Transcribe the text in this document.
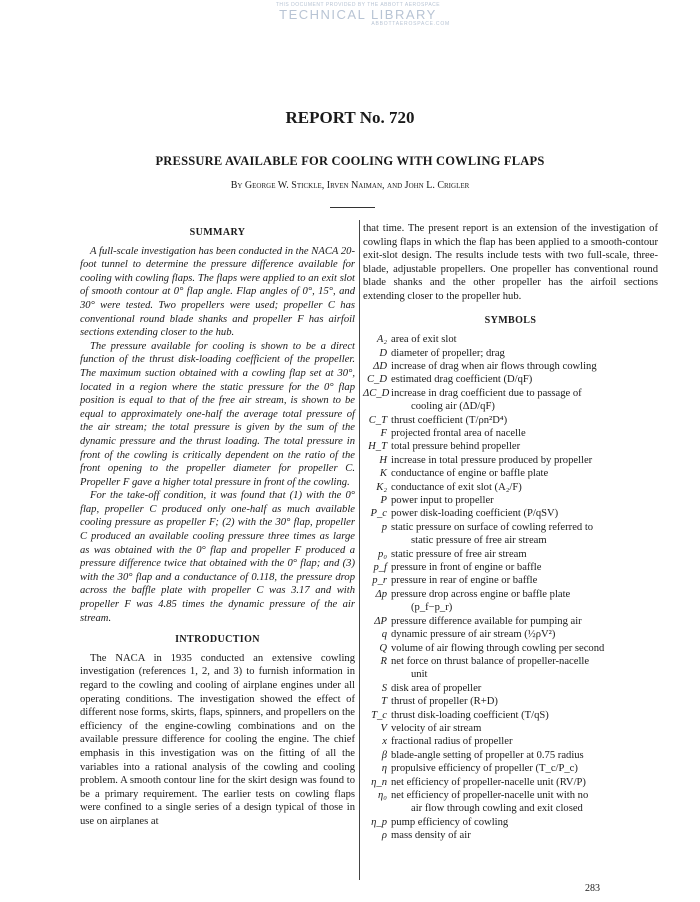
THIS DOCUMENT PROVIDED BY THE ABBOTT AEROSPACE
TECHNICAL LIBRARY
ABBOTTAEROSPACE.COM
REPORT No. 720
PRESSURE AVAILABLE FOR COOLING WITH COWLING FLAPS
By George W. Stickle, Irven Naiman, and John L. Crigler
SUMMARY

A full-scale investigation has been conducted in the NACA 20-foot tunnel to determine the pressure difference available for cooling with cowling flaps. The flaps were applied to an exit slot of smooth contour at 0° flap angle. Flap angles of 0°, 15°, and 30° were tested. Two propellers were used; propeller C has conventional round blade shanks and propeller F has airfoil sections extending closer to the hub.

The pressure available for cooling is shown to be a direct function of the thrust disk-loading coefficient of the propeller. The maximum suction obtained with a cowling flap set at 30°, located in a region where the static pressure for the 0° flap position is equal to that of the free air stream, is shown to be equal to approximately one-half the average total pressure of the air stream; the total pressure is given by the sum of the dynamic pressure and the thrust loading. The total pressure in front of the cowling is critically dependent on the ratio of the front opening to the propeller diameter for propeller C. Propeller F gave a higher total pressure in front of the cowling.

For the take-off condition, it was found that (1) with the 0° flap, propeller C produced only one-half as much available cooling pressure as propeller F; (2) with the 30° flap, propeller C produced an available cooling pressure three times as large as was obtained with the 0° flap and propeller F produced a pressure difference twice that obtained with the 0° flap; and (3) with the 30° flap and a conductance of 0.118, the pressure drop across the baffle plate with propeller C was 3.17 and with propeller F was 4.85 times the dynamic pressure of the air stream.

INTRODUCTION

The NACA in 1935 conducted an extensive cowling investigation (references 1, 2, and 3) to furnish information in regard to the cowling and cooling of airplane engines under all operating conditions. The investigation showed the effect of different nose forms, skirts, flaps, spinners, and propellers on the efficiency of the engine-cowling combinations and on the available pressure difference for cooling the engine. The chief emphasis in this investigation was on the fitting of all the variables into a rational analysis of the cowling and cooling problem. A smooth contour line for the skirt design was found to be a primary requirement. The earlier tests on cowling flaps were confined to a single series of a design typical of those in use on airplanes at

that time. The present report is an extension of the investigation of cowling flaps in which the flap has been applied to a smooth-contour exit-slot design. The results include tests with two full-scale, three-blade, adjustable propellers. One propeller has conventional round blade shanks and the other propeller has the airfoil sections extending closer to the propeller hub.

SYMBOLS
A₂ area of exit slot
D diameter of propeller; drag
ΔD increase of drag when air flows through cowling
C_D estimated drag coefficient (D/qF)
ΔC_D increase in drag coefficient due to passage of
cooling air (ΔD/qF)
C_T thrust coefficient (T/ρn²D⁴)
F projected frontal area of nacelle
H_T total pressure behind propeller
H increase in total pressure produced by propeller
K conductance of engine or baffle plate
K₂ conductance of exit slot (A₂/F)
P power input to propeller
P_c power disk-loading coefficient (P/qSV)
p static pressure on surface of cowling referred to
static pressure of free air stream
p₀ static pressure of free air stream
p_f pressure in front of engine or baffle
p_r pressure in rear of engine or baffle
Δp pressure drop across engine or baffle plate
(p_f−p_r)
ΔP pressure difference available for pumping air
q dynamic pressure of air stream (½ρV²)
Q volume of air flowing through cowling per second
R net force on thrust balance of propeller-nacelle
unit
S disk area of propeller
T thrust of propeller (R+D)
T_c thrust disk-loading coefficient (T/qS)
V velocity of air stream
x fractional radius of propeller
β blade-angle setting of propeller at 0.75 radius
η propulsive efficiency of propeller (T_c/P_c)
η_n net efficiency of propeller-nacelle unit (RV/P)
η₀ net efficiency of propeller-nacelle unit with no
air flow through cowling and exit closed
η_p pump efficiency of cowling
ρ mass density of air
283
